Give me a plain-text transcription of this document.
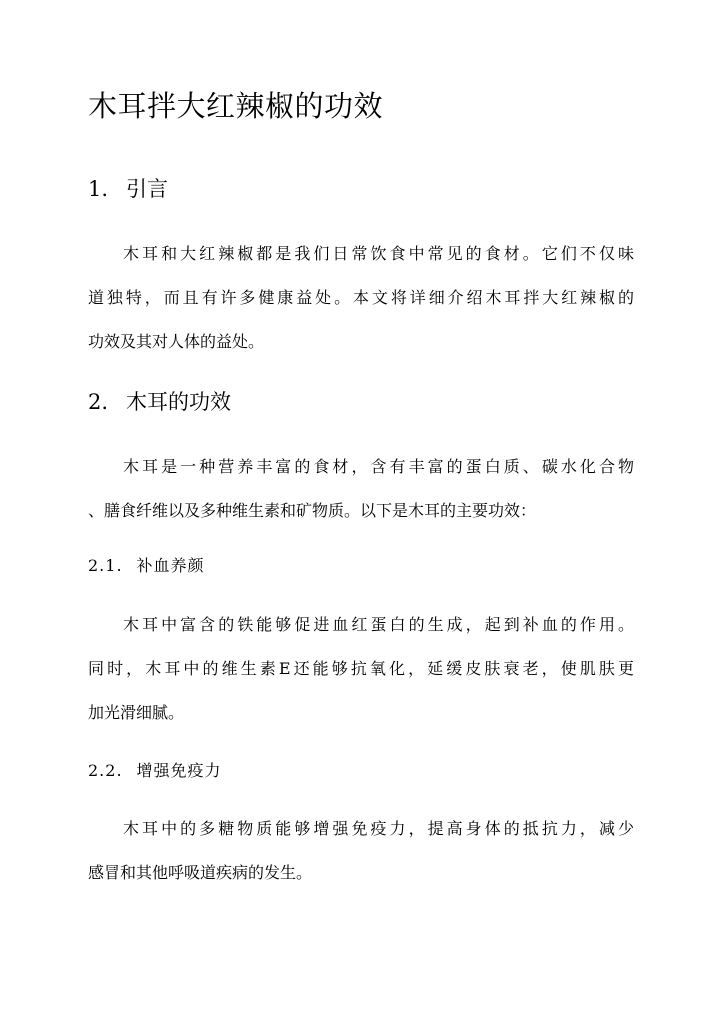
木耳拌大红辣椒的功效
1. 引言

木耳和大红辣椒都是我们日常饮食中常见的食材。它们不仅味

道独特，而且有许多健康益处。本文将详细介绍木耳拌大红辣椒的

功效及其对人体的益处。

2. 木耳的功效

木耳是一种营养丰富的食材，含有丰富的蛋白质、碳水化合物

、膳食纤维以及多种维生素和矿物质。以下是木耳的主要功效：

2.1. 补血养颜

木耳中富含的铁能够促进血红蛋白的生成，起到补血的作用。

同时，木耳中的维生素E还能够抗氧化，延缓皮肤衰老，使肌肤更

加光滑细腻。

2.2. 增强免疫力

木耳中的多糖物质能够增强免疫力，提高身体的抵抗力，减少

感冒和其他呼吸道疾病的发生。
